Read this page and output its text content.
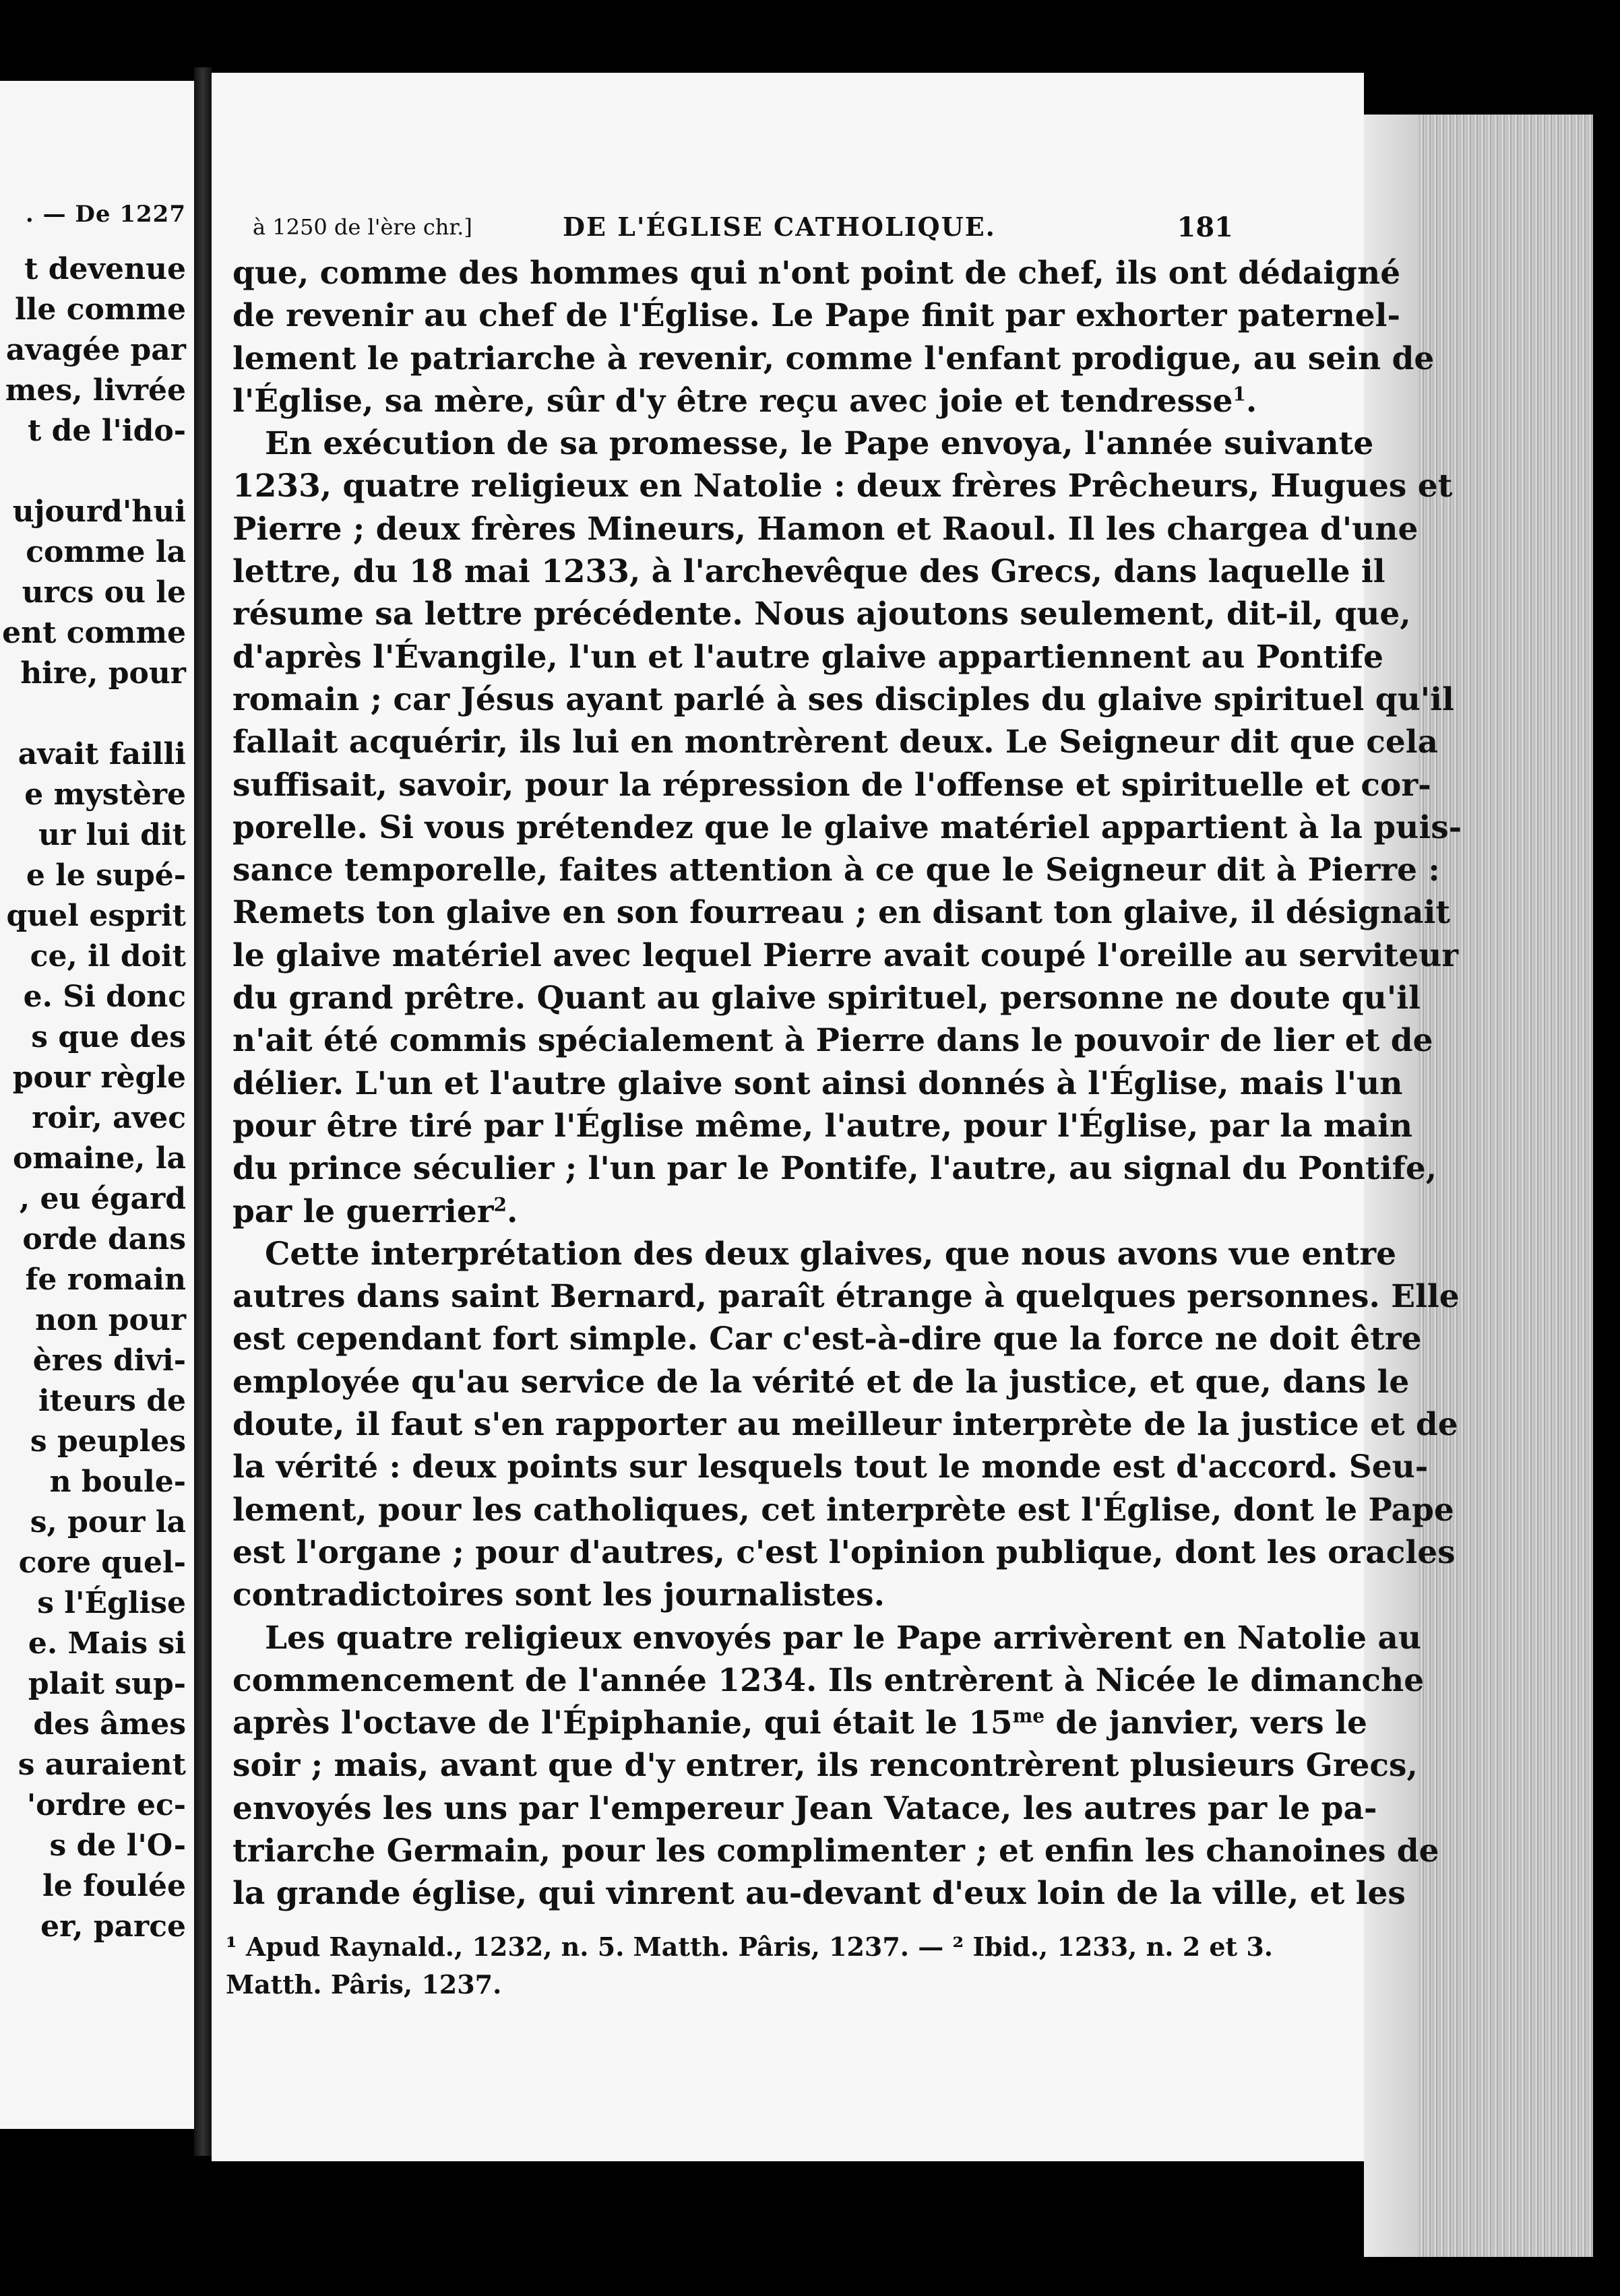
. — De 1227
t devenue
lle comme
avagée par
mes, livrée
t de l'ido-
ujourd'hui
comme la
urcs ou le
ent comme
hire, pour
avait failli
e mystère
ur lui dit
e le supé-
quel esprit
ce, il doit
e. Si donc
s que des
pour règle
roir, avec
omaine, la
, eu égard
orde dans
fe romain
non pour
ères divi-
iteurs de
s peuples
n boule-
s, pour la
core quel-
s l'Église
e. Mais si
plait sup-
des âmes
s auraient
'ordre ec-
s de l'O-
le foulée
er, parce
à 1250 de l'ère chr.]	DE L'ÉGLISE CATHOLIQUE.	181
que, comme des hommes qui n'ont point de chef, ils ont dédaigné
de revenir au chef de l'Église. Le Pape finit par exhorter paternel-
lement le patriarche à revenir, comme l'enfant prodigue, au sein de
l'Église, sa mère, sûr d'y être reçu avec joie et tendresse$^1$.
En exécution de sa promesse, le Pape envoya, l'année suivante
1233, quatre religieux en Natolie : deux frères Prêcheurs, Hugues et
Pierre ; deux frères Mineurs, Hamon et Raoul. Il les chargea d'une
lettre, du 18 mai 1233, à l'archevêque des Grecs, dans laquelle il
résume sa lettre précédente. Nous ajoutons seulement, dit-il, que,
d'après l'Évangile, l'un et l'autre glaive appartiennent au Pontife
romain ; car Jésus ayant parlé à ses disciples du glaive spirituel qu'il
fallait acquérir, ils lui en montrèrent deux. Le Seigneur dit que cela
suffisait, savoir, pour la répression de l'offense et spirituelle et cor-
porelle. Si vous prétendez que le glaive matériel appartient à la puis-
sance temporelle, faites attention à ce que le Seigneur dit à Pierre :
Remets ton glaive en son fourreau ; en disant ton glaive, il désignait
le glaive matériel avec lequel Pierre avait coupé l'oreille au serviteur
du grand prêtre. Quant au glaive spirituel, personne ne doute qu'il
n'ait été commis spécialement à Pierre dans le pouvoir de lier et de
délier. L'un et l'autre glaive sont ainsi donnés à l'Église, mais l'un
pour être tiré par l'Église même, l'autre, pour l'Église, par la main
du prince séculier ; l'un par le Pontife, l'autre, au signal du Pontife,
par le guerrier$^2$.
Cette interprétation des deux glaives, que nous avons vue entre
autres dans saint Bernard, paraît étrange à quelques personnes. Elle
est cependant fort simple. Car c'est-à-dire que la force ne doit être
employée qu'au service de la vérité et de la justice, et que, dans le
doute, il faut s'en rapporter au meilleur interprète de la justice et de
la vérité : deux points sur lesquels tout le monde est d'accord. Seu-
lement, pour les catholiques, cet interprète est l'Église, dont le Pape
est l'organe ; pour d'autres, c'est l'opinion publique, dont les oracles
contradictoires sont les journalistes.
Les quatre religieux envoyés par le Pape arrivèrent en Natolie au
commencement de l'année 1234. Ils entrèrent à Nicée le dimanche
après l'octave de l'Épiphanie, qui était le $15^{me}$ de janvier, vers le
soir ; mais, avant que d'y entrer, ils rencontrèrent plusieurs Grecs,
envoyés les uns par l'empereur Jean Vatace, les autres par le pa-
triarche Germain, pour les complimenter ; et enfin les chanoines de
la grande église, qui vinrent au-devant d'eux loin de la ville, et les
¹ Apud Raynald., 1232, n. 5. Matth. Pâris, 1237. — ² Ibid., 1233, n. 2 et 3.
Matth. Pâris, 1237.
